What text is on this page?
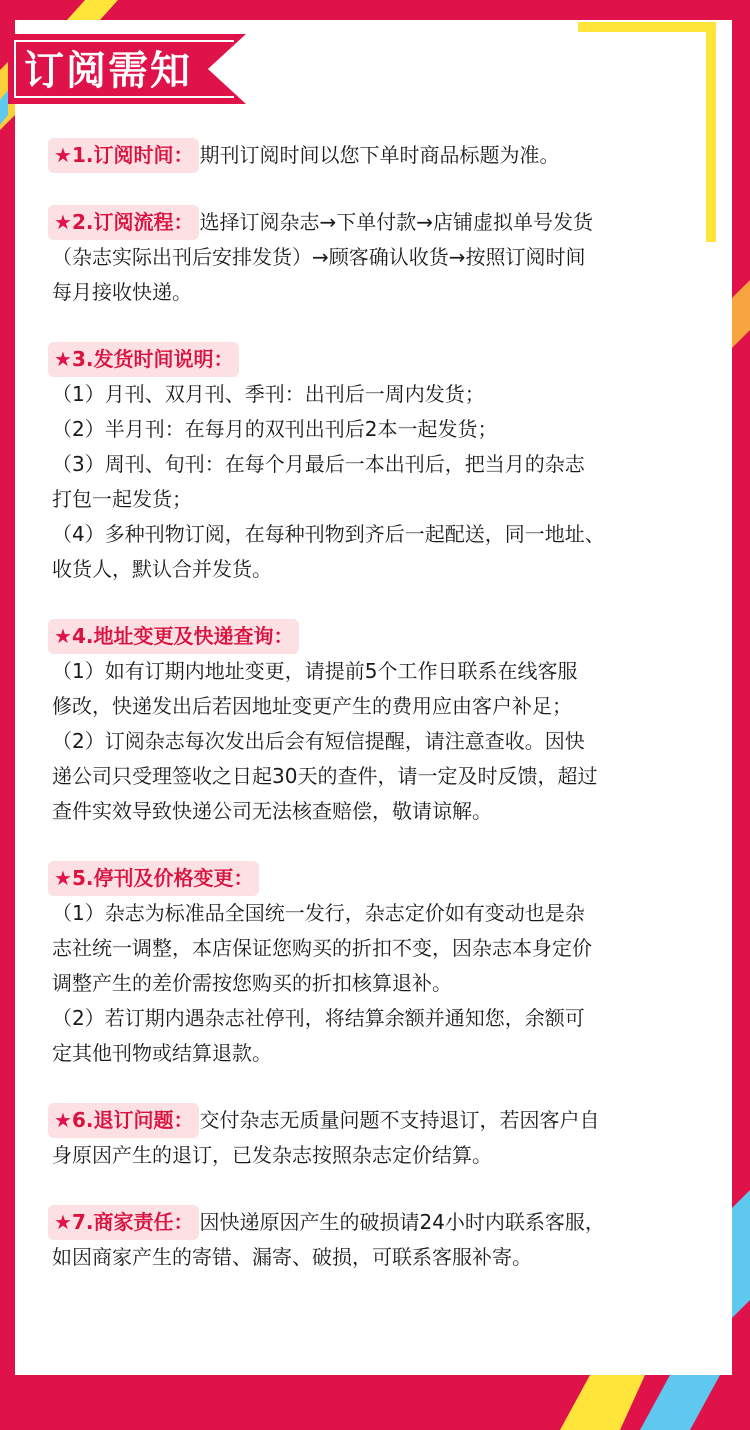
订阅需知

★1.订阅时间： 期刊订阅时间以您下单时商品标题为准。

★2.订阅流程： 选择订阅杂志→下单付款→店铺虚拟单号发货

（杂志实际出刊后安排发货）→顾客确认收货→按照订阅时间

每月接收快递。

★3.发货时间说明：

（1）月刊、双月刊、季刊：出刊后一周内发货；

（2）半月刊：在每月的双刊出刊后2本一起发货；

（3）周刊、旬刊：在每个月最后一本出刊后，把当月的杂志

打包一起发货；

（4）多种刊物订阅，在每种刊物到齐后一起配送，同一地址、

收货人，默认合并发货。

★4.地址变更及快递查询：

（1）如有订期内地址变更，请提前5个工作日联系在线客服

修改，快递发出后若因地址变更产生的费用应由客户补足；

（2）订阅杂志每次发出后会有短信提醒，请注意查收。因快

递公司只受理签收之日起30天的查件，请一定及时反馈，超过

查件实效导致快递公司无法核查赔偿，敬请谅解。

★5.停刊及价格变更：

（1）杂志为标准品全国统一发行，杂志定价如有变动也是杂

志社统一调整，本店保证您购买的折扣不变，因杂志本身定价

调整产生的差价需按您购买的折扣核算退补。

（2）若订期内遇杂志社停刊，将结算余额并通知您，余额可

定其他刊物或结算退款。

★6.退订问题： 交付杂志无质量问题不支持退订，若因客户自

身原因产生的退订，已发杂志按照杂志定价结算。

★7.商家责任： 因快递原因产生的破损请24小时内联系客服，

如因商家产生的寄错、漏寄、破损，可联系客服补寄。
